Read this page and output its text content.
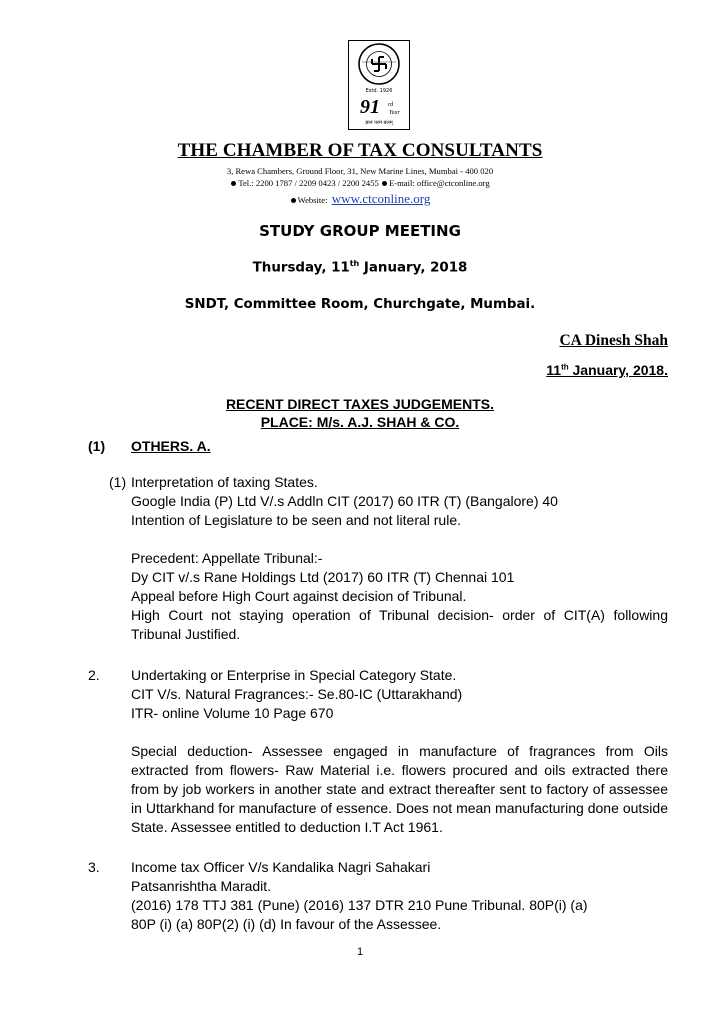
Estd. 1926
91 rd
Year
ज्ञानं परमं बलम्
THE CHAMBER OF TAX CONSULTANTS
3, Rewa Chambers, Ground Floor, 31, New Marine Lines, Mumbai - 400 020
Tel.: 2200 1787 / 2209 0423 / 2200 2455 E-mail: office@ctconline.org
Website: www.ctconline.org
STUDY GROUP MEETING
Thursday, 11th January, 2018
SNDT, Committee Room, Churchgate, Mumbai.
CA Dinesh Shah
11th January, 2018.
RECENT DIRECT TAXES JUDGEMENTS.
PLACE: M/s. A.J. SHAH & CO.
(1) OTHERS. A.
(1) Interpretation of taxing States.
Google India (P) Ltd V/.s Addln CIT (2017) 60 ITR (T) (Bangalore) 40
Intention of Legislature to be seen and not literal rule.
Precedent: Appellate Tribunal:-
Dy CIT v/.s Rane Holdings Ltd (2017) 60 ITR (T) Chennai 101
Appeal before High Court against decision of Tribunal.
High Court not staying operation of Tribunal decision- order of CIT(A) following Tribunal Justified.
2. Undertaking or Enterprise in Special Category State.
CIT V/s. Natural Fragrances:- Se.80-IC (Uttarakhand)
ITR- online Volume 10 Page 670
Special deduction- Assessee engaged in manufacture of fragrances from Oils extracted from flowers- Raw Material i.e. flowers procured and oils extracted there from by job workers in another state and extract thereafter sent to factory of assessee in Uttarkhand for manufacture of essence. Does not mean manufacturing done outside State. Assessee entitled to deduction I.T Act 1961.
3. Income tax Officer V/s Kandalika Nagri Sahakari
Patsanrishtha Maradit.
(2016) 178 TTJ 381 (Pune) (2016) 137 DTR 210 Pune Tribunal. 80P(i) (a)
80P (i) (a) 80P(2) (i) (d) In favour of the Assessee.
1
